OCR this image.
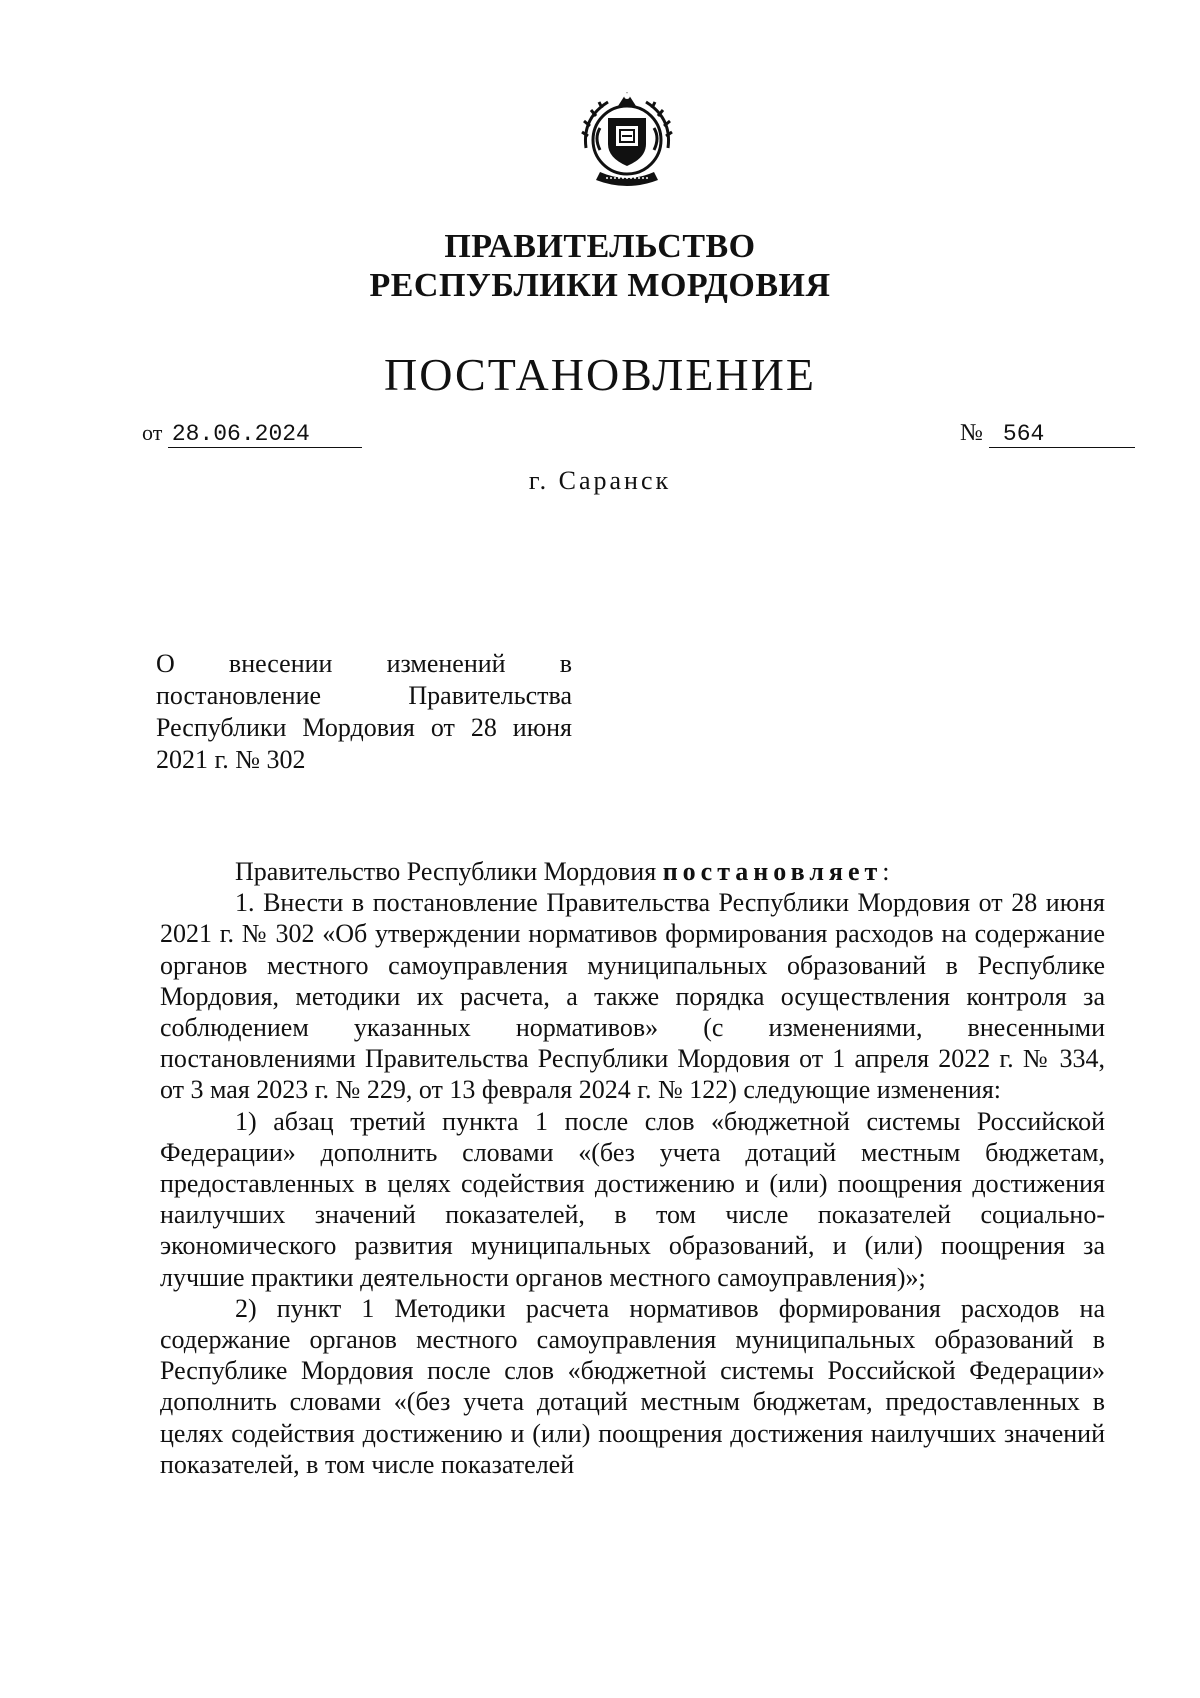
ПРАВИТЕЛЬСТВО
РЕСПУБЛИКИ МОРДОВИЯ
ПОСТАНОВЛЕНИЕ
от 28.06.2024	№ 564
г. Саранск
О внесении изменений в постановление Правительства Республики Мордовия от 28 июня 2021 г. № 302

Правительство Республики Мордовия постановляет:

1. Внести в постановление Правительства Республики Мордовия от 28 июня 2021 г. № 302 «Об утверждении нормативов формирования расходов на содержание органов местного самоуправления муниципальных образований в Республике Мордовия, методики их расчета, а также порядка осуществления контроля за соблюдением указанных нормативов» (с изменениями, внесенными постановлениями Правительства Республики Мордовия от 1 апреля 2022 г. № 334, от 3 мая 2023 г. № 229, от 13 февраля 2024 г. № 122) следующие изменения:

1) абзац третий пункта 1 после слов «бюджетной системы Российской Федерации» дополнить словами «(без учета дотаций местным бюджетам, предоставленных в целях содействия достижению и (или) поощрения достижения наилучших значений показателей, в том числе показателей социально-экономического развития муниципальных образований, и (или) поощрения за лучшие практики деятельности органов местного самоуправления)»;

2) пункт 1 Методики расчета нормативов формирования расходов на содержание органов местного самоуправления муниципальных образований в Республике Мордовия после слов «бюджетной системы Российской Федерации» дополнить словами «(без учета дотаций местным бюджетам, предоставленных в целях содействия достижению и (или) поощрения достижения наилучших значений показателей, в том числе показателей
